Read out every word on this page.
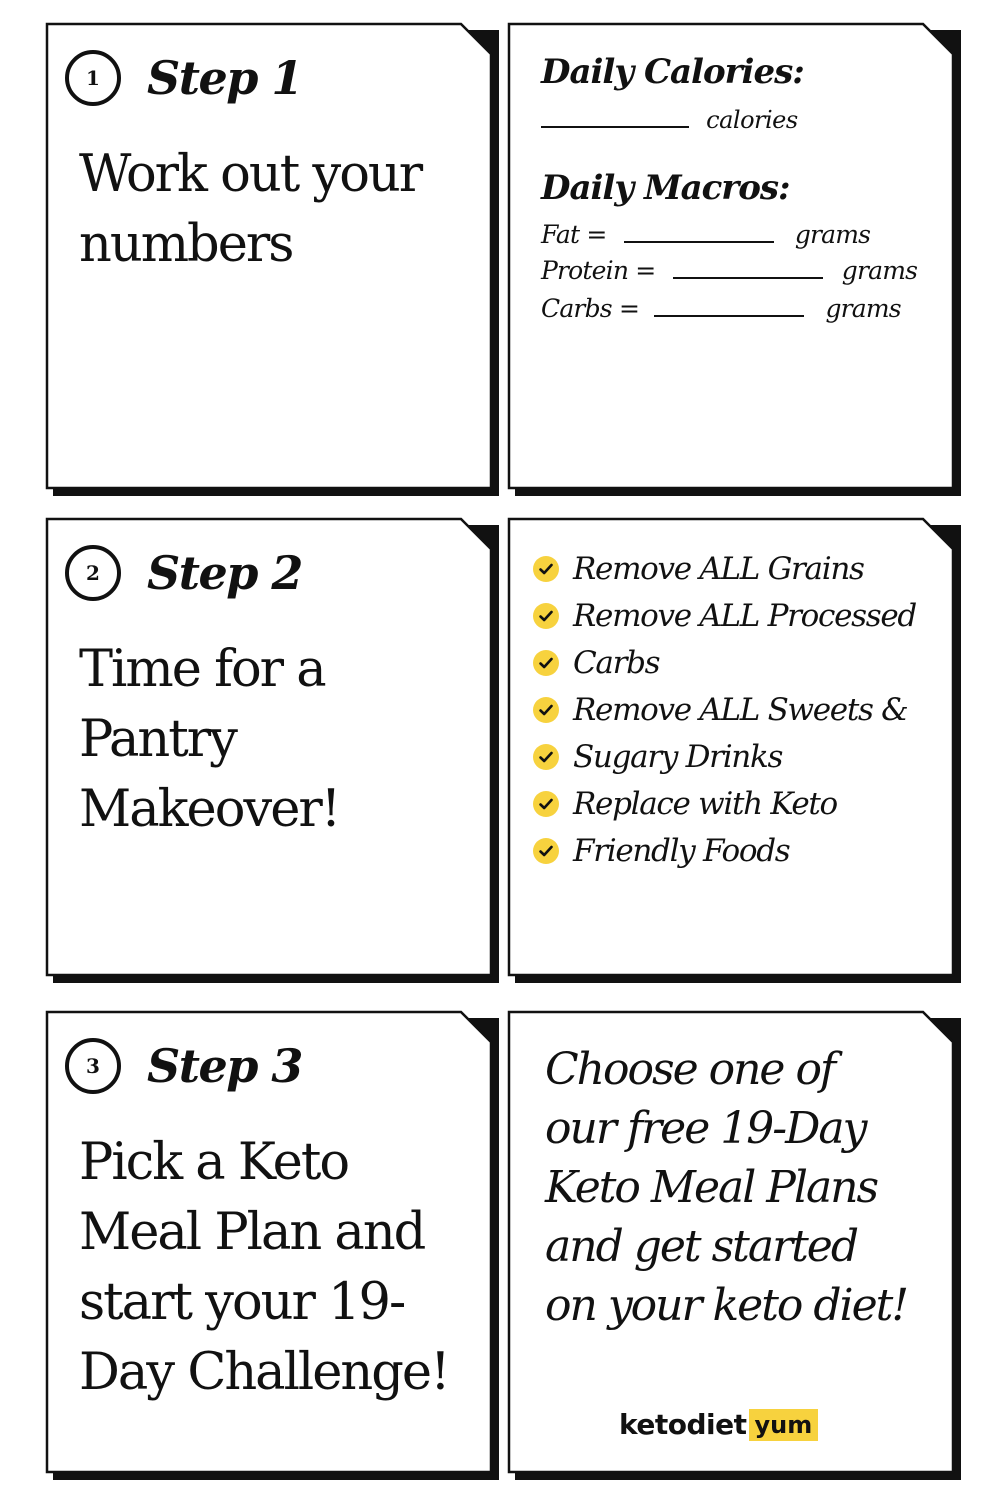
1	Step 1
Work out your numbers
Daily Calories:
calories
Daily Macros:
Fat =	grams
Protein =	grams
Carbs =	grams
2	Step 2
Time for a Pantry Makeover!
Remove ALL Grains
Remove ALL Processed
Carbs
Remove ALL Sweets &
Sugary Drinks
Replace with Keto
Friendly Foods
3	Step 3
Pick a Keto Meal Plan and start your 19-Day Challenge!
Choose one of our free 19-Day Keto Meal Plans and get started on your keto diet!
ketodiet yum
